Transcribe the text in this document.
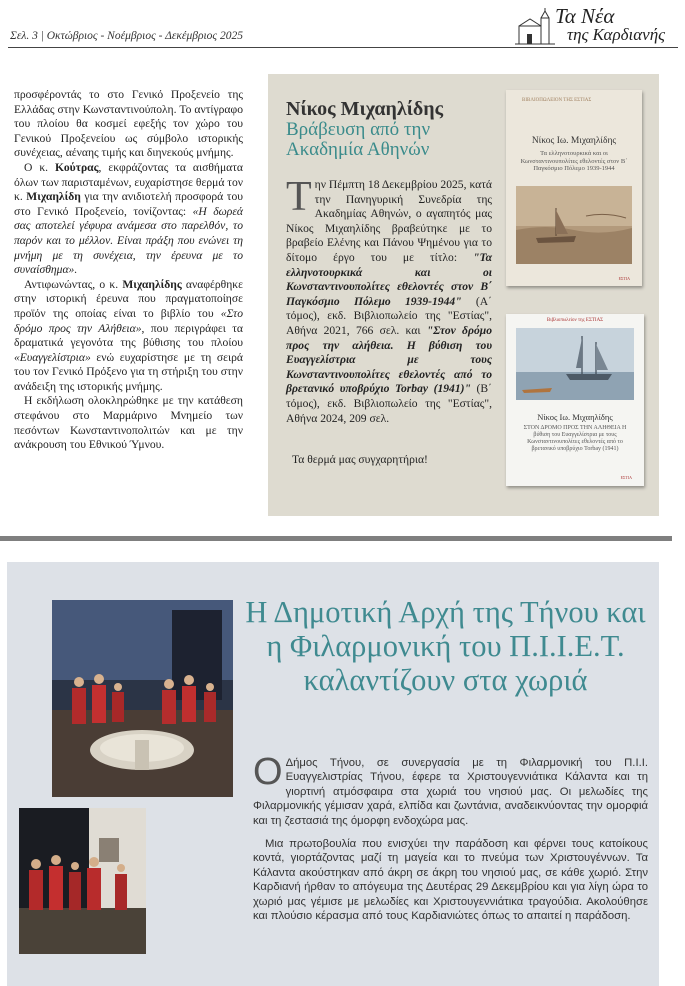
Σελ. 3 | Οκτώβριος - Νοέμβριος - Δεκέμβριος 2025
Τα Νέα
της Καρδιανής

προσφέροντάς το στο Γενικό Προξενείο της Ελλάδας στην Κωνσταντινούπολη. Το αντίγραφο του πλοίου θα κοσμεί εφεξής τον χώρο του Γενικού Προξενείου ως σύμβολο ιστορικής συνέχειας, αέναης τιμής και διηνεκούς μνήμης.

Ο κ. Κούτρας, εκφράζοντας τα αισθήματα όλων των παρισταμένων, ευχαρίστησε θερμά τον κ. Μιχαηλίδη για την ανιδιοτελή προσφορά του στο Γενικό Προξενείο, τονίζοντας: «Η δωρεά σας αποτελεί γέφυρα ανάμεσα στο παρελθόν, το παρόν και το μέλλον. Είναι πράξη που ενώνει τη μνήμη με τη συνέχεια, την έρευνα με το συναίσθημα».

Αντιφωνώντας, ο κ. Μιχαηλίδης αναφέρθηκε στην ιστορική έρευνα που πραγματοποίησε προϊόν της οποίας είναι το βιβλίο του «Στο δρόμο προς την Αλήθεια», που περιγράφει τα δραματικά γεγονότα της βύθισης του πλοίου «Ευαγγελίστρια» ενώ ευχαρίστησε με τη σειρά του τον Γενικό Πρόξενο για τη στήριξη του στην ανάδειξη της ιστορικής μνήμης.

Η εκδήλωση ολοκληρώθηκε με την κατάθεση στεφάνου στο Μαρμάρινο Μνημείο των πεσόντων Κωνσταντινοπολιτών και με την ανάκρουση του Εθνικού Ύμνου.

Νίκος Μιχαηλίδης
Βράβευση από την Ακαδημία Αθηνών
Την Πέμπτη 18 Δεκεμβρίου 2025, κατά την Πανηγυρική Συνεδρία της Ακαδημίας Αθηνών, ο αγαπητός μας Νίκος Μιχαηλίδης βραβεύτηκε με το βραβείο Ελένης και Πάνου Ψημένου για το δίτομο έργο του με τίτλο: "Τα ελληνοτουρκικά και οι Κωνσταντινουπολίτες εθελοντές στον Β΄ Παγκόσμιο Πόλεμο 1939-1944" (Α΄ τόμος), εκδ. Βιβλιοπωλείο της "Εστίας", Αθήνα 2021, 766 σελ. και "Στον δρόμο προς την αλήθεια. Η βύθιση του Ευαγγελίστρια με τους Κωνσταντινουπολίτες εθελοντές από το βρετανικό υποβρύχιο Torbay (1941)" (Β΄ τόμος), εκδ. Βιβλιοπωλείο της "Εστίας", Αθήνα 2024, 209 σελ.
Τα θερμά μας συγχαρητήρια!
ΒΙΒΛΙΟΠΩΛΕΙΟΝ ΤΗΣ ΕΣΤΙΑΣ
Νίκος Ιω. Μιχαηλίδης
Τα ελληνοτουρκικά και οι Κωνσταντινουπολίτες εθελοντές στον Β΄ Παγκόσμιο Πόλεμο 1939-1944
ΕΣΤΙΑ
Βιβλιοπωλείον της ΕΣΤΙΑΣ
Νίκος Ιω. Μιχαηλίδης
ΣΤΟΝ ΔΡΟΜΟ ΠΡΟΣ ΤΗΝ ΑΛΗΘΕΙΑ Η βύθιση του Ευαγγελίστρια με τους Κωνσταντινουπολίτες εθελοντές από το βρετανικό υποβρύχιο Torbay (1941)
ΕΣΤΙΑ
Η Δημοτική Αρχή της Τήνου και η Φιλαρμονική του Π.Ι.Ι.Ε.Τ. καλαντίζουν στα χωριά

Ο Δήμος Τήνου, σε συνεργασία με τη Φιλαρμονική του Π.Ι.Ι. Ευαγγελιστρίας Τήνου, έφερε τα Χριστουγεννιάτικα Κάλαντα και τη γιορτινή ατμόσφαιρα στα χωριά του νησιού μας. Οι μελωδίες της Φιλαρμονικής γέμισαν χαρά, ελπίδα και ζωντάνια, αναδεικνύοντας την ομορφιά και τη ζεστασιά της όμορφη ενδοχώρα μας.

Μια πρωτοβουλία που ενισχύει την παράδοση και φέρνει τους κατοίκους κοντά, γιορτάζοντας μαζί τη μαγεία και το πνεύμα των Χριστουγέννων. Τα Κάλαντα ακούστηκαν από άκρη σε άκρη του νησιού μας, σε κάθε χωριό. Στην Καρδιανή ήρθαν το απόγευμα της Δευτέρας 29 Δεκεμβρίου και για λίγη ώρα το χωριό μας γέμισε με μελωδίες και Χριστουγεννιάτικα τραγούδια. Ακολούθησε και πλούσιο κέρασμα από τους Καρδιανιώτες όπως το απαιτεί η παράδοση.
